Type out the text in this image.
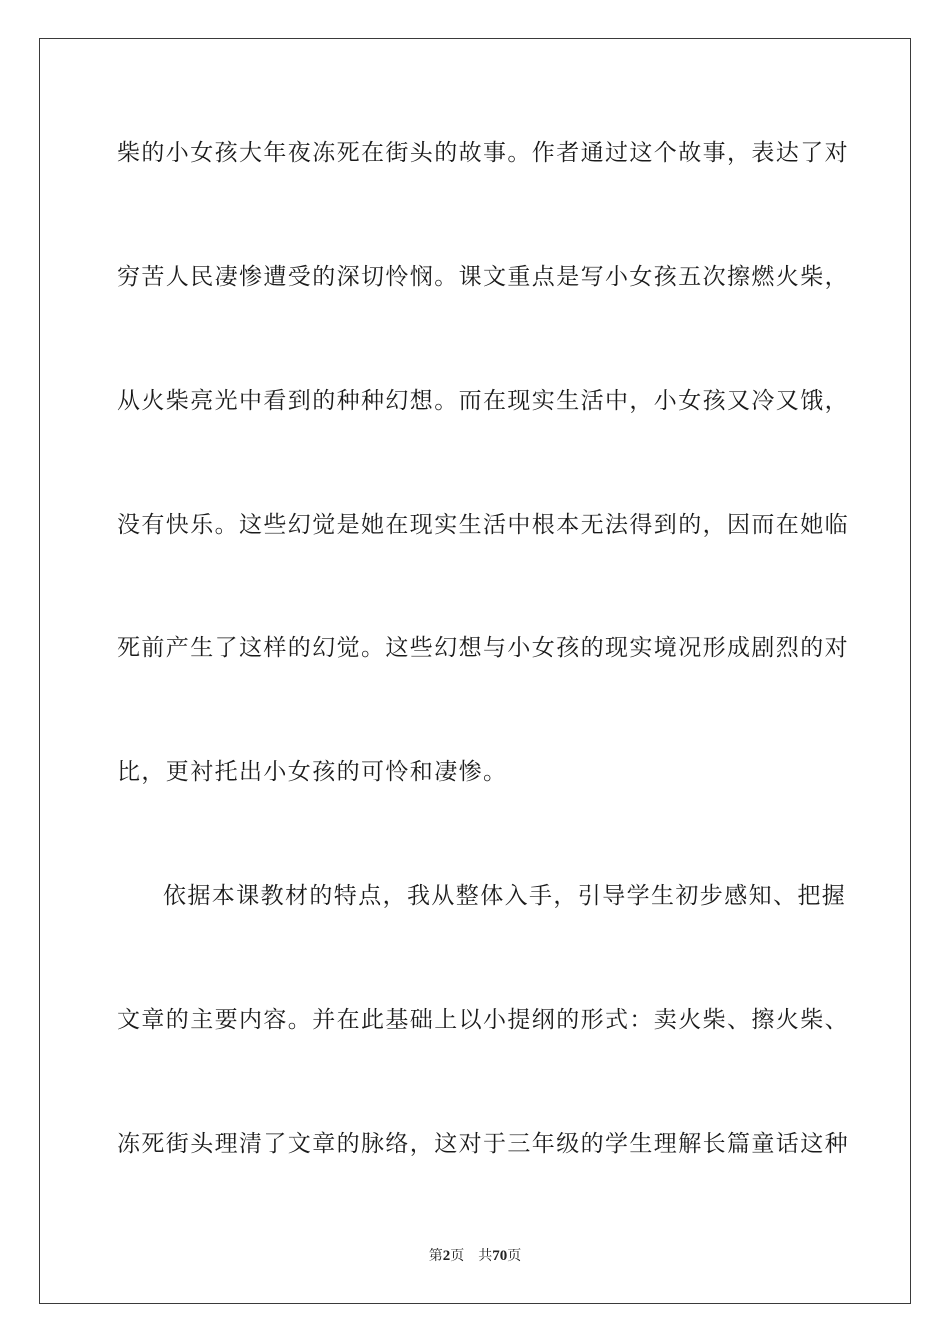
柴的小女孩大年夜冻死在街头的故事。作者通过这个故事，表达了对
穷苦人民凄惨遭受的深切怜悯。课文重点是写小女孩五次擦燃火柴，
从火柴亮光中看到的种种幻想。而在现实生活中，小女孩又冷又饿，
没有快乐。这些幻觉是她在现实生活中根本无法得到的，因而在她临
死前产生了这样的幻觉。这些幻想与小女孩的现实境况形成剧烈的对
比，更衬托出小女孩的可怜和凄惨。
依据本课教材的特点，我从整体入手，引导学生初步感知、把握
文章的主要内容。并在此基础上以小提纲的形式：卖火柴、擦火柴、
冻死街头理清了文章的脉络，这对于三年级的学生理解长篇童话这种
第2页 共70页
